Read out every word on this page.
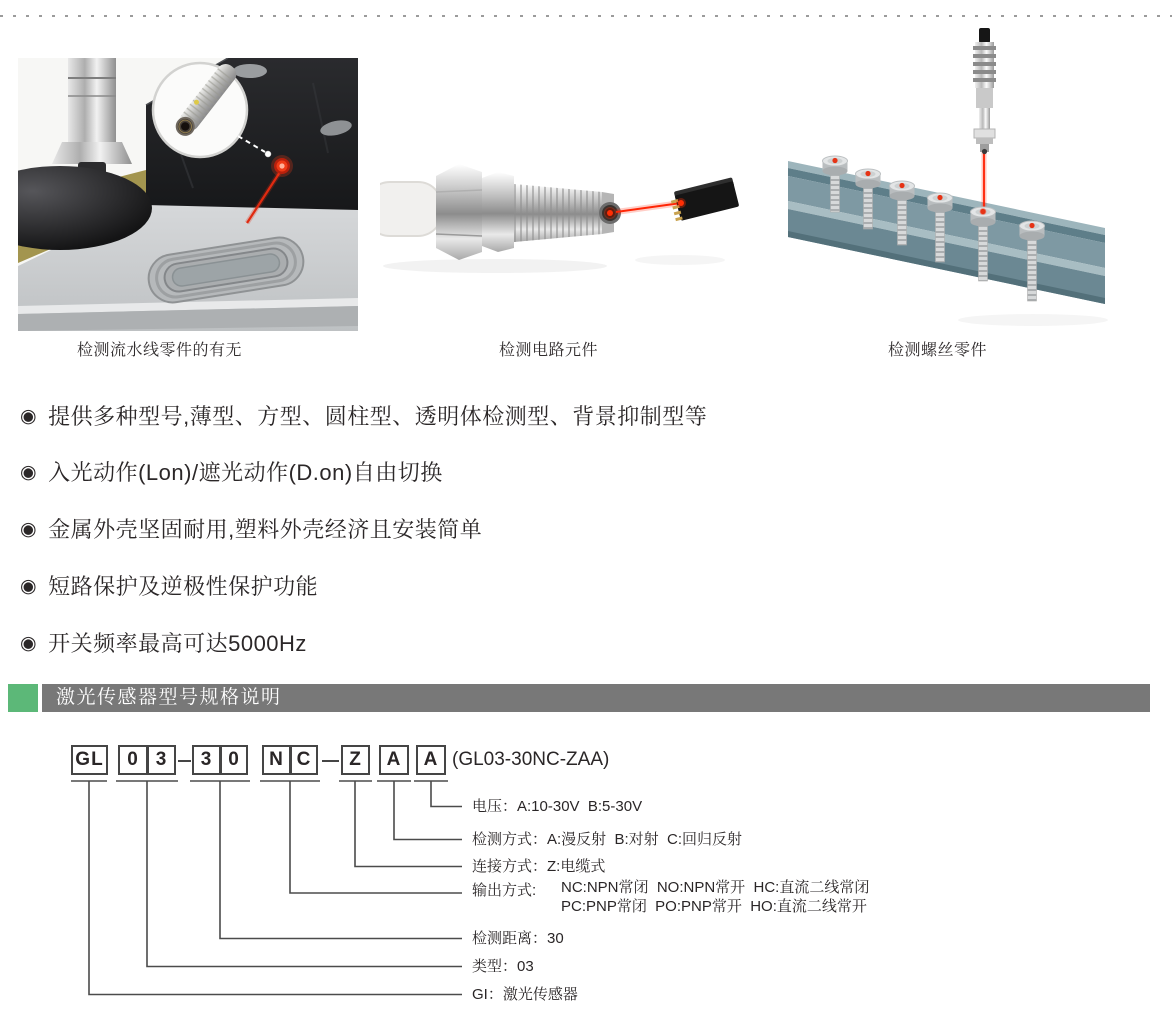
检测流水线零件的有无	检测电路元件	检测螺丝零件
◉ 提供多种型号,薄型、方型、圆柱型、透明体检测型、背景抑制型等
◉ 入光动作(Lon)/遮光动作(D.on)自由切换
◉ 金属外壳坚固耐用,塑料外壳经济且安装简单
◉ 短路保护及逆极性保护功能
◉ 开关频率最高可达5000Hz
激光传感器型号规格说明
GL	0 3	3 0	N C	Z	A	A (GL03-30NC-ZAA)
电压：A:10-30V  B:5-30V
检测方式：A:漫反射  B:对射  C:回归反射
连接方式：Z:电缆式
输出方式: NC:NPN常闭  NO:NPN常开  HC:直流二线常闭
PC:PNP常闭  PO:PNP常开  HO:直流二线常开
检测距离：30
类型：03
GI：激光传感器
